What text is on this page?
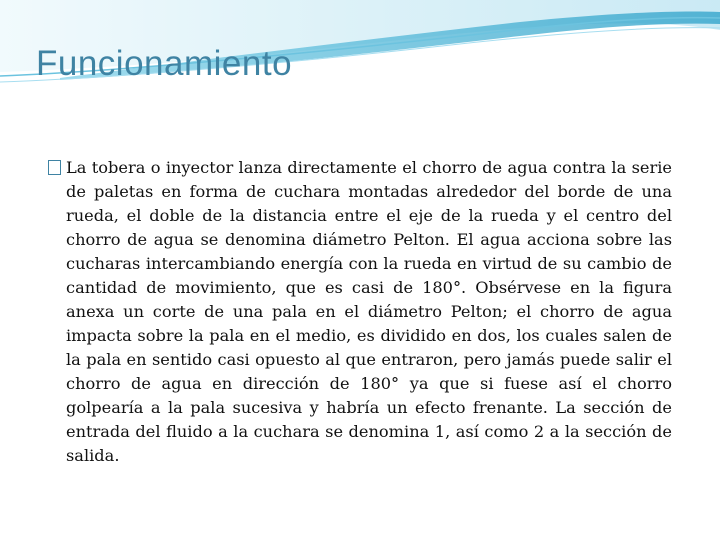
Funcionamiento

La tobera o inyector lanza directamente el chorro de agua contra la serie de paletas en forma de cuchara montadas alrededor del borde de una rueda, el doble de la distancia entre el eje de la rueda y el centro del chorro de agua se denomina diámetro Pelton. El agua acciona sobre las cucharas intercambiando energía con la rueda en virtud de su cambio de cantidad de movimiento, que es casi de 180°. Obsérvese en la figura anexa un corte de una pala en el diámetro Pelton; el chorro de agua impacta sobre la pala en el medio, es dividido en dos, los cuales salen de la pala en sentido casi opuesto al que entraron, pero jamás puede salir el chorro de agua en dirección de 180° ya que si fuese así el chorro golpearía a la pala sucesiva y habría un efecto frenante. La sección de entrada del fluido a la cuchara se denomina 1, así como 2 a la sección de salida.
